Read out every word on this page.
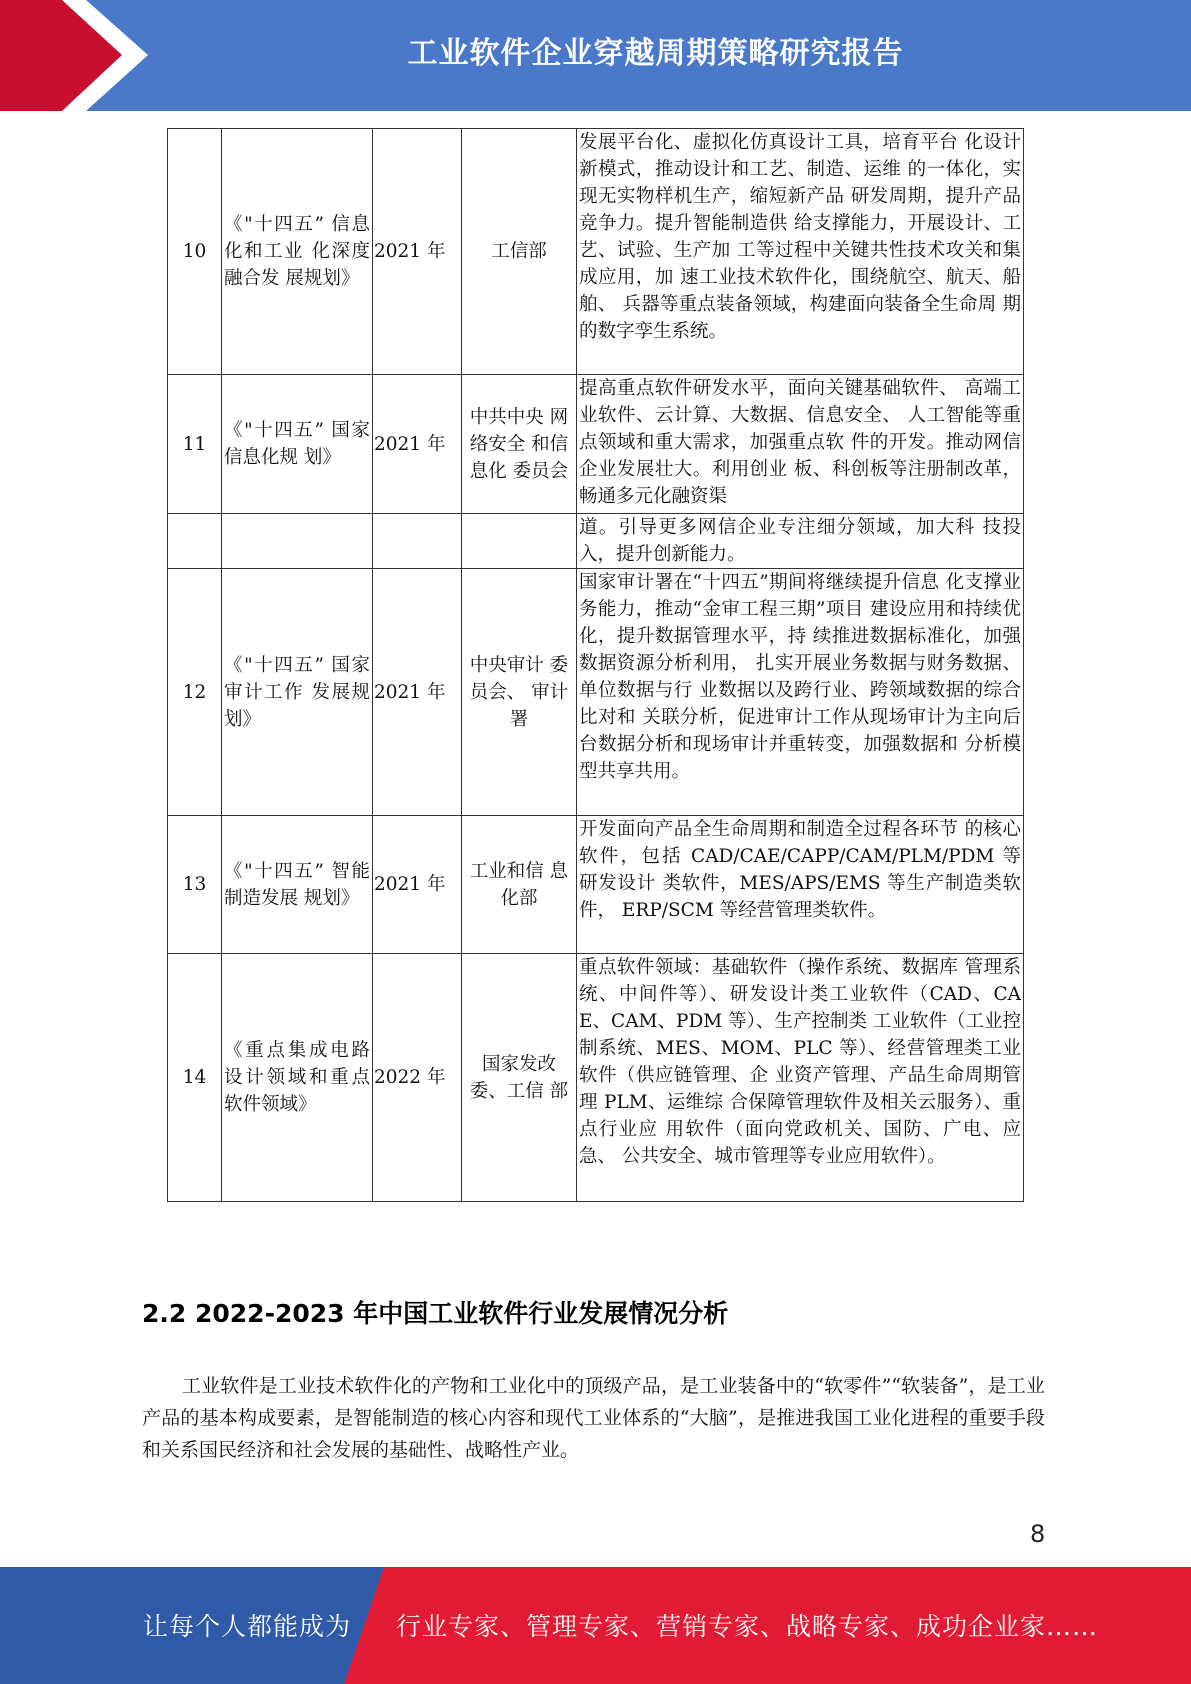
工业软件企业穿越周期策略研究报告
10	《"十四五” 信息化和工业 化深度融合发 展规划》	2021 年	工信部	发展平台化、虚拟化仿真设计工具，培育平台 化设计新模式，推动设计和工艺、制造、运维 的一体化，实现无实物样机生产，缩短新产品 研发周期，提升产品竞争力。提升智能制造供 给支撑能力，开展设计、工艺、试验、生产加 工等过程中关键共性技术攻关和集成应用，加 速工业技术软件化，围绕航空、航天、船舶、 兵器等重点装备领域，构建面向装备全生命周 期的数字孪生系统。
11	《"十四五” 国家信息化规 划》	2021 年	中共中央 网络安全 和信息化 委员会	提高重点软件研发水平，面向关键基础软件、 高端工业软件、云计算、大数据、信息安全、 人工智能等重点领域和重大需求，加强重点软 件的开发。推动网信企业发展壮大。利用创业 板、科创板等注册制改革，畅通多元化融资渠
				道。引导更多网信企业专注细分领域，加大科 技投入，提升创新能力。
12	《"十四五” 国家审计工作 发展规划》	2021 年	中央审计 委员会、 审计署	国家审计署在“十四五”期间将继续提升信息 化支撑业务能力，推动“金审工程三期”项目 建设应用和持续优化，提升数据管理水平，持 续推进数据标准化，加强数据资源分析利用， 扎实开展业务数据与财务数据、单位数据与行 业数据以及跨行业、跨领域数据的综合比对和 关联分析，促进审计工作从现场审计为主向后 台数据分析和现场审计并重转变，加强数据和 分析模型共享共用。
13	《"十四五” 智能制造发展 规划》	2021 年	工业和信 息化部	开发面向产品全生命周期和制造全过程各环节 的核心软件，包括 CAD/CAE/CAPP/CAM/PLM/PDM 等研发设计 类软件，MES/APS/EMS 等生产制造类软件， ERP/SCM 等经营管理类软件。
14	《重点集成电路设计领域和重点软件领域》	2022 年	国家发改委、工信 部	重点软件领域：基础软件（操作系统、数据库 管理系统、中间件等）、研发设计类工业软件（CAD、CAE、CAM、PDM 等）、生产控制类 工业软件（工业控制系统、MES、MOM、PLC 等）、经营管理类工业软件（供应链管理、企 业资产管理、产品生命周期管理 PLM、运维综 合保障管理软件及相关云服务）、重点行业应 用软件（面向党政机关、国防、广电、应急、 公共安全、城市管理等专业应用软件）。
2.2 2022-2023 年中国工业软件行业发展情况分析

工业软件是工业技术软件化的产物和工业化中的顶级产品，是工业装备中的“软零件”“软装备”，是工业产品的基本构成要素，是智能制造的核心内容和现代工业体系的“大脑”，是推进我国工业化进程的重要手段和关系国民经济和社会发展的基础性、战略性产业。

8
让每个人都能成为 行业专家、管理专家、营销专家、战略专家、成功企业家……
